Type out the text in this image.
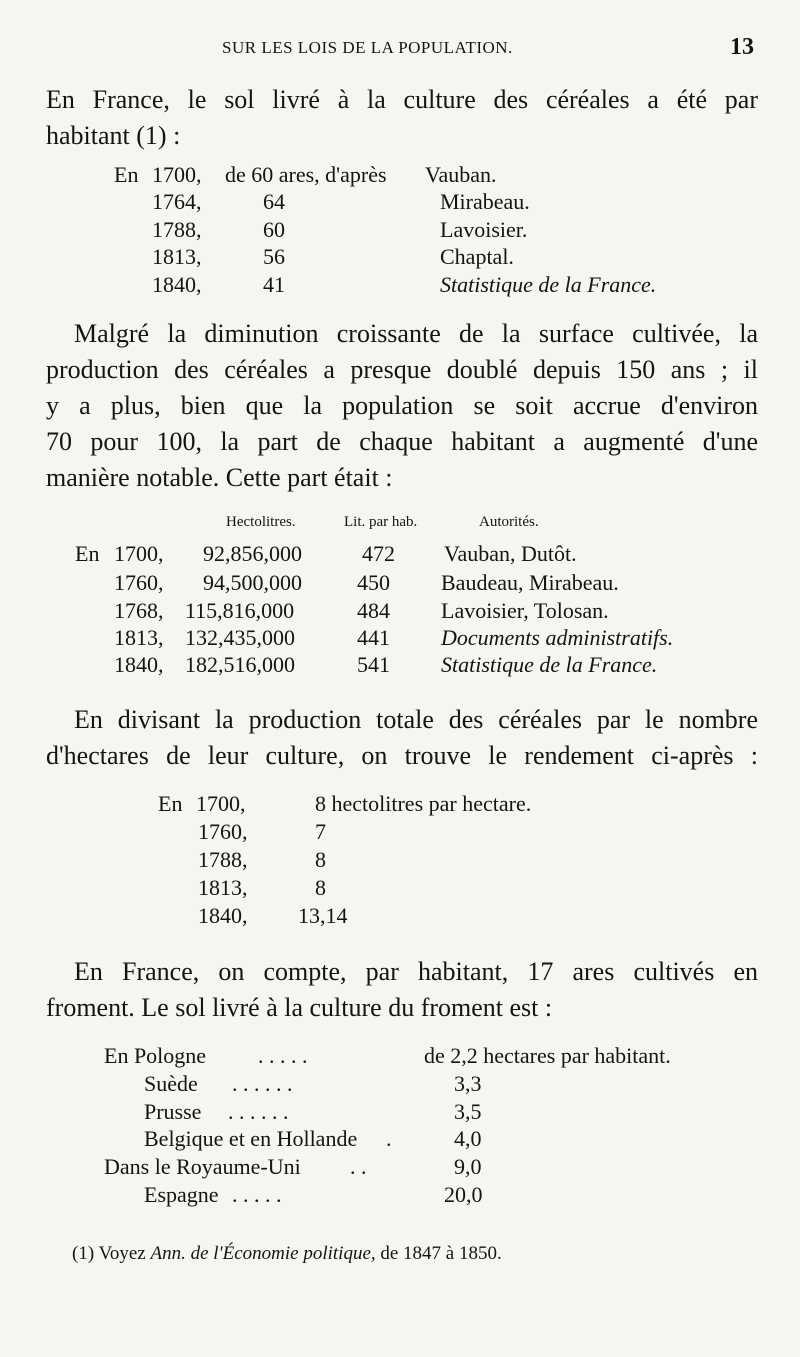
SUR LES LOIS DE LA POPULATION.	13
En France, le sol livré à la culture des céréales a été par
habitant (1) :
En 1700, de 60 ares, d'après Vauban.
1764,	64	Mirabeau.
1788,	60	Lavoisier.
1813,	56	Chaptal.
1840,	41	Statistique de la France.
Malgré la diminution croissante de la surface cultivée, la
production des céréales a presque doublé depuis 150 ans ; il
y a plus, bien que la population se soit accrue d'environ
70 pour 100, la part de chaque habitant a augmenté d'une
manière notable. Cette part était :
Hectolitres.	Lit. par hab.	Autorités.
En 1700, 92,856,000	472 Vauban, Dutôt.
1760, 94,500,000	450 Baudeau, Mirabeau.
1768, 115,816,000	484 Lavoisier, Tolosan.
1813, 132,435,000	441 Documents administratifs.
1840, 182,516,000	541 Statistique de la France.
En divisant la production totale des céréales par le nombre
d'hectares de leur culture, on trouve le rendement ci-après :
En 1700,	8 hectolitres par hectare.
1760,	7
1788,	8
1813,	8
1840, 13,14
En France, on compte, par habitant, 17 ares cultivés en
froment. Le sol livré à la culture du froment est :
En Pologne . . . . .	de 2,2 hectares par habitant.
Suède . . . . . .	3,3
Prusse . . . . . .	3,5
Belgique et en Hollande .	4,0
Dans le Royaume-Uni . .	9,0
Espagne . . . . .	20,0
(1) Voyez Ann. de l'Économie politique, de 1847 à 1850.
